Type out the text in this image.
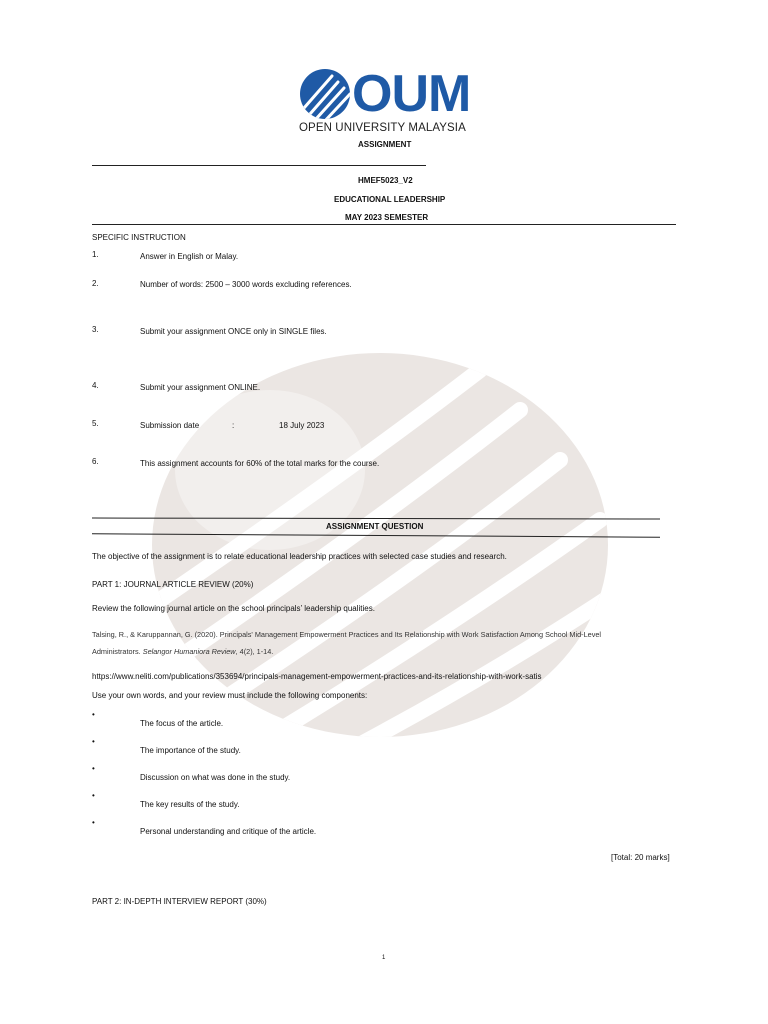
OUM
OPEN UNIVERSITY MALAYSIA
ASSIGNMENT
HMEF5023_V2
EDUCATIONAL LEADERSHIP
MAY 2023 SEMESTER
SPECIFIC INSTRUCTION
1.	Answer in English or Malay.
2.	Number of words: 2500 – 3000 words excluding references.
3.	Submit your assignment ONCE only in SINGLE files.
4.	Submit your assignment ONLINE.
5.	Submission date	:	18 July 2023
6.	This assignment accounts for 60% of the total marks for the course.
ASSIGNMENT QUESTION
The objective of the assignment is to relate educational leadership practices with selected case studies and research.
PART 1: JOURNAL ARTICLE REVIEW (20%)
Review the following journal article on the school principals’ leadership qualities.
Talsing, R., & Karuppannan, G. (2020). Principals' Management Empowerment Practices and Its Relationship with Work Satisfaction Among School Mid-Level
Administrators. Selangor Humaniora Review, 4(2), 1-14.
https://www.neliti.com/publications/353694/principals-management-empowerment-practices-and-its-relationship-with-work-satis
Use your own words, and your review must include the following components:
•
The focus of the article.
•
The importance of the study.
•
Discussion on what was done in the study.
•
The key results of the study.
•
Personal understanding and critique of the article.
[Total: 20 marks]
PART 2: IN-DEPTH INTERVIEW REPORT (30%)
1
